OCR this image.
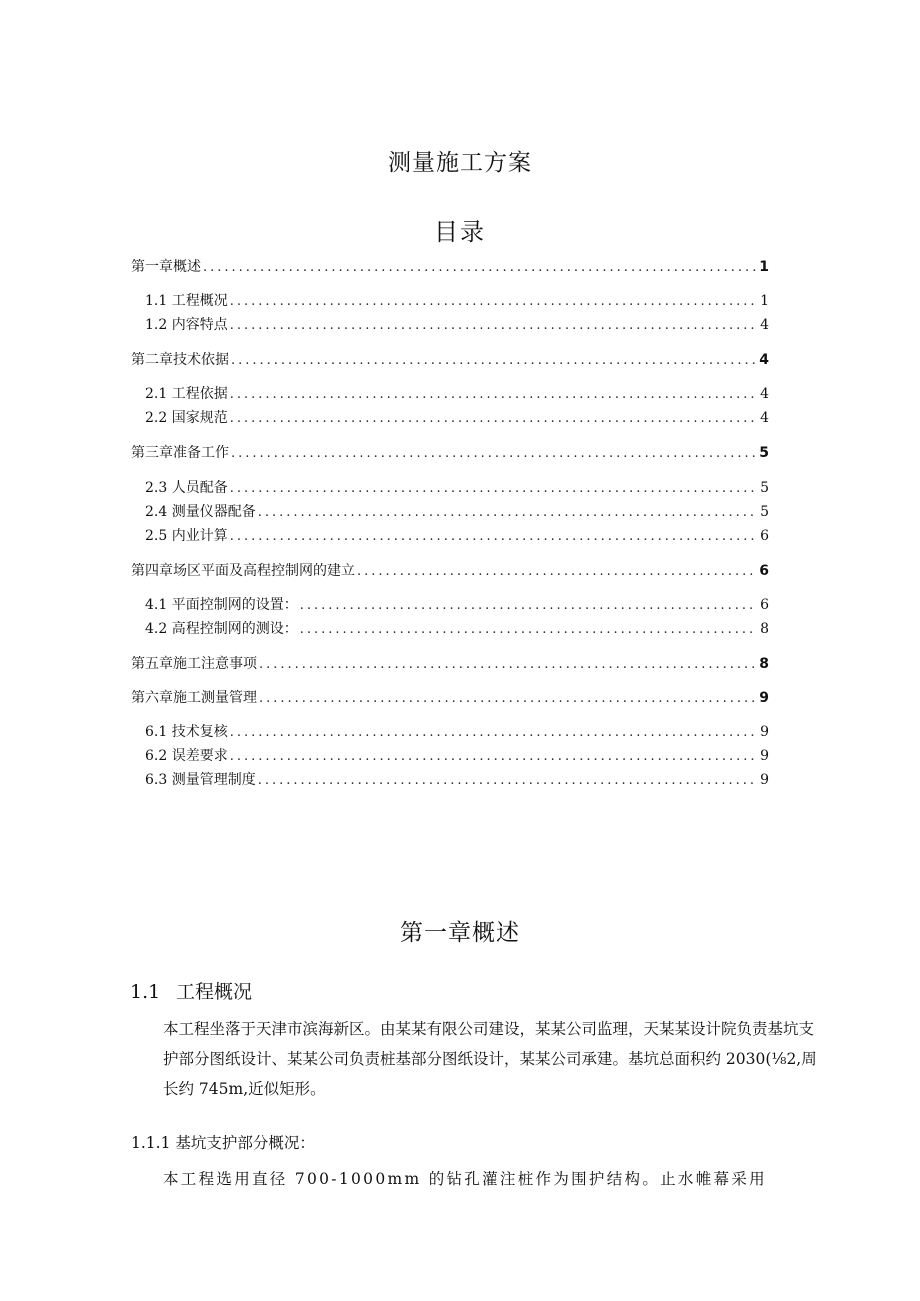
测量施工方案
目录
第一章概述 .....	1
1.1 工程概况 .....	1
1.2 内容特点 .....	4
第二章技术依据 .....	4
2.1 工程依据 .....	4
2.2 国家规范 .....	4
第三章准备工作 .....	5
2.3 人员配备 .....	5
2.4 测量仪器配备 .....	5
2.5 内业计算 .....	6
第四章场区平面及高程控制网的建立 .....	6
4.1 平面控制网的设置： .....	6
4.2 高程控制网的测设： .....	8
第五章施工注意事项 .....	8
第六章施工测量管理 .....	9
6.1 技术复核 .....	9
6.2 误差要求 .....	9
6.3 测量管理制度 .....	9
第一章概述
1.1 工程概况
本工程坐落于天津市滨海新区。由某某有限公司建设，某某公司监理，天某某设计院负责基坑支护部分图纸设计、某某公司负责桩基部分图纸设计，某某公司承建。基坑总面积约 2030(⅛2,周长约 745m,近似矩形。
1.1.1 基坑支护部分概况：
本工程选用直径 700-1000mm 的钻孔灌注桩作为围护结构。止水帷幕采用
